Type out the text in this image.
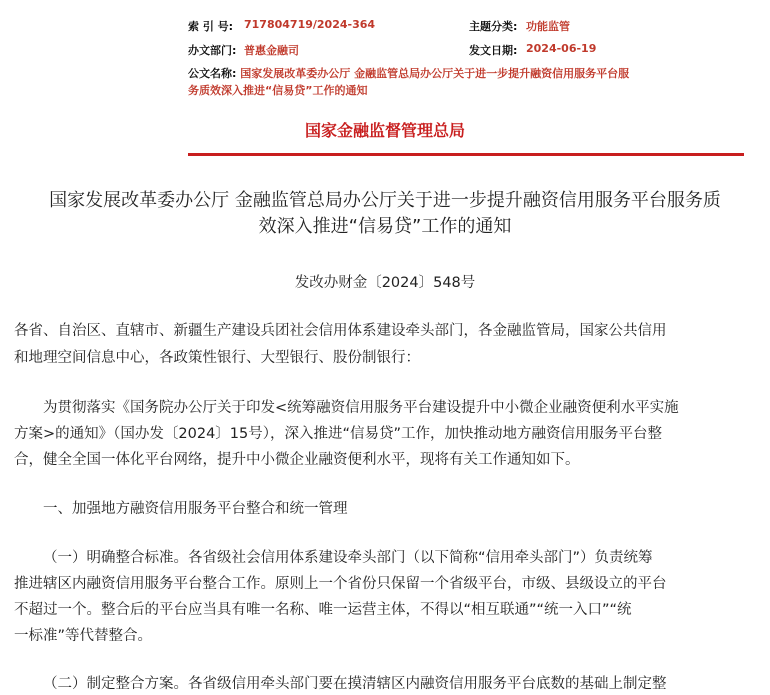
索 引 号: 717804719/2024-364	主题分类: 功能监管
办文部门: 普惠金融司	发文日期: 2024-06-19
公文名称: 国家发展改革委办公厅 金融监管总局办公厅关于进一步提升融资信用服务平台服
务质效深入推进“信易贷”工作的通知
国家金融监督管理总局
国家发展改革委办公厅 金融监管总局办公厅关于进一步提升融资信用服务平台服务质
效深入推进“信易贷”工作的通知
发改办财金〔2024〕548号
各省、自治区、直辖市、新疆生产建设兵团社会信用体系建设牵头部门，各金融监管局，国家公共信用
和地理空间信息中心，各政策性银行、大型银行、股份制银行：
为贯彻落实《国务院办公厅关于印发<统筹融资信用服务平台建设提升中小微企业融资便利水平实施
方案>的通知》（国办发〔2024〕15号），深入推进“信易贷”工作，加快推动地方融资信用服务平台整
合，健全全国一体化平台网络，提升中小微企业融资便利水平，现将有关工作通知如下。
一、加强地方融资信用服务平台整合和统一管理
（一）明确整合标准。各省级社会信用体系建设牵头部门（以下简称“信用牵头部门”）负责统筹
推进辖区内融资信用服务平台整合工作。原则上一个省份只保留一个省级平台，市级、县级设立的平台
不超过一个。整合后的平台应当具有唯一名称、唯一运营主体，不得以“相互联通”“统一入口”“统
一标准”等代替整合。
（二）制定整合方案。各省级信用牵头部门要在摸清辖区内融资信用服务平台底数的基础上制定整
